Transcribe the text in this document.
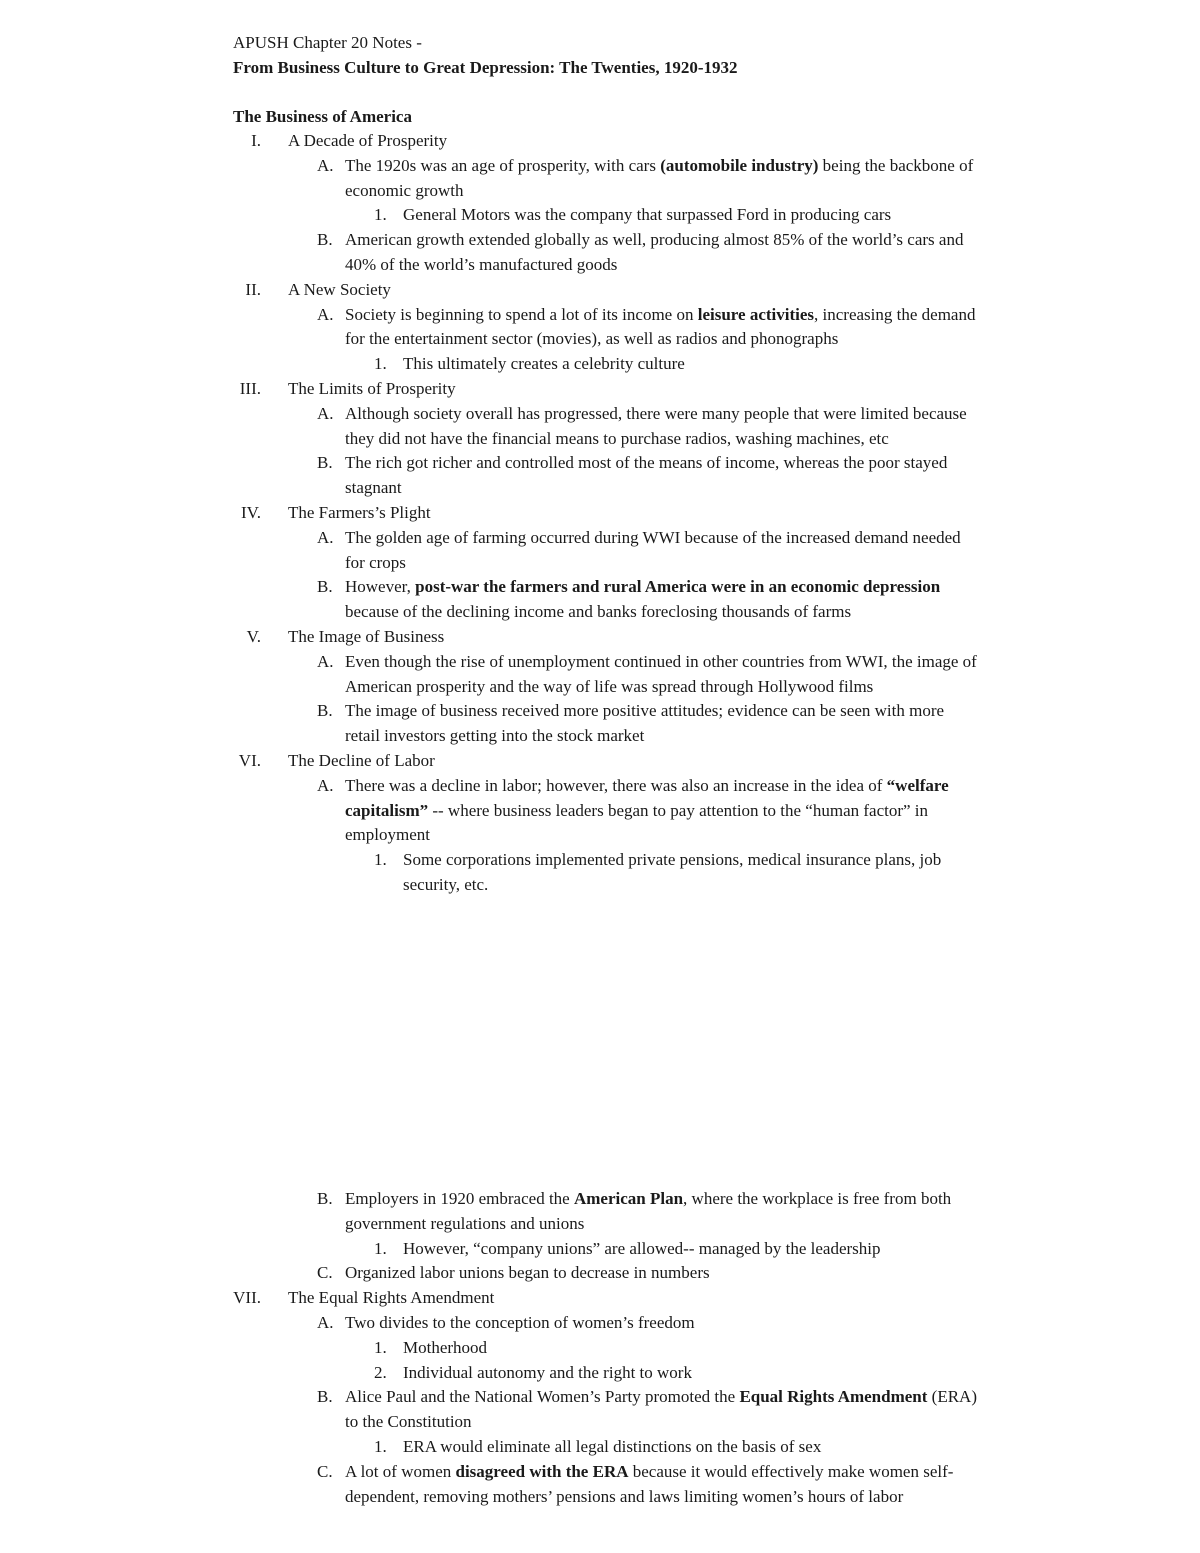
APUSH Chapter 20 Notes -
From Business Culture to Great Depression: The Twenties, 1920-1932
The Business of America
I. A Decade of Prosperity
A. The 1920s was an age of prosperity, with cars (automobile industry) being the backbone of economic growth
1. General Motors was the company that surpassed Ford in producing cars
B. American growth extended globally as well, producing almost 85% of the world’s cars and 40% of the world’s manufactured goods
II. A New Society
A. Society is beginning to spend a lot of its income on leisure activities, increasing the demand for the entertainment sector (movies), as well as radios and phonographs
1. This ultimately creates a celebrity culture
III. The Limits of Prosperity
A. Although society overall has progressed, there were many people that were limited because they did not have the financial means to purchase radios, washing machines, etc
B. The rich got richer and controlled most of the means of income, whereas the poor stayed stagnant
IV. The Farmers’s Plight
A. The golden age of farming occurred during WWI because of the increased demand needed for crops
B. However, post-war the farmers and rural America were in an economic depression because of the declining income and banks foreclosing thousands of farms
V. The Image of Business
A. Even though the rise of unemployment continued in other countries from WWI, the image of American prosperity and the way of life was spread through Hollywood films
B. The image of business received more positive attitudes; evidence can be seen with more retail investors getting into the stock market
VI. The Decline of Labor
A. There was a decline in labor; however, there was also an increase in the idea of “welfare capitalism” -- where business leaders began to pay attention to the “human factor” in employment
1. Some corporations implemented private pensions, medical insurance plans, job security, etc.
B. Employers in 1920 embraced the American Plan, where the workplace is free from both government regulations and unions
1. However, “company unions” are allowed-- managed by the leadership
C. Organized labor unions began to decrease in numbers
VII. The Equal Rights Amendment
A. Two divides to the conception of women’s freedom
1. Motherhood
2. Individual autonomy and the right to work
B. Alice Paul and the National Women’s Party promoted the Equal Rights Amendment (ERA) to the Constitution
1. ERA would eliminate all legal distinctions on the basis of sex
C. A lot of women disagreed with the ERA because it would effectively make women self-dependent, removing mothers’ pensions and laws limiting women’s hours of labor
